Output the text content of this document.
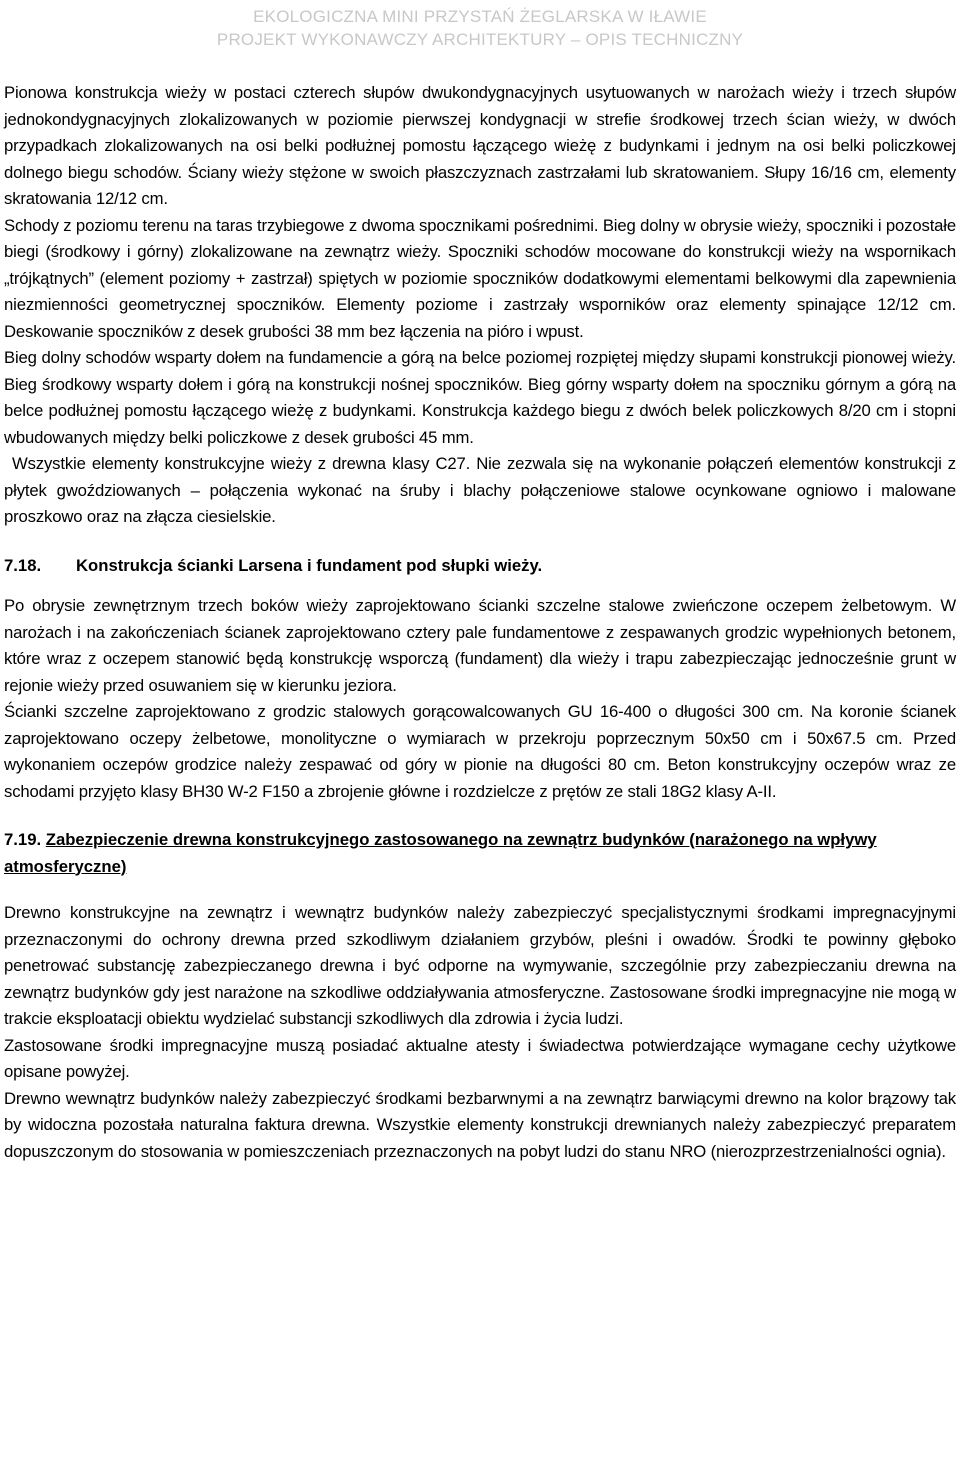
EKOLOGICZNA MINI PRZYSTAŃ ŻEGLARSKA W IŁAWIE
PROJEKT WYKONAWCZY ARCHITEKTURY – OPIS TECHNICZNY

Pionowa konstrukcja wieży w postaci czterech słupów dwukondygnacyjnych usytuowanych w narożach wieży i trzech słupów jednokondygnacyjnych zlokalizowanych w poziomie pierwszej kondygnacji w strefie środkowej trzech ścian wieży, w dwóch przypadkach zlokalizowanych na osi belki podłużnej pomostu łączącego wieżę z budynkami i jednym na osi belki policzkowej dolnego biegu schodów. Ściany wieży stężone w swoich płaszczyznach zastrzałami lub skratowaniem. Słupy 16/16 cm, elementy skratowania 12/12 cm.

Schody z poziomu terenu na taras trzybiegowe z dwoma spocznikami pośrednimi. Bieg dolny w obrysie wieży, spoczniki i pozostałe biegi (środkowy i górny) zlokalizowane na zewnątrz wieży. Spoczniki schodów mocowane do konstrukcji wieży na wspornikach „trójkątnych” (element poziomy + zastrzał) spiętych w poziomie spoczników dodatkowymi elementami belkowymi dla zapewnienia niezmienności geometrycznej spoczników. Elementy poziome i zastrzały wsporników oraz elementy spinające 12/12 cm. Deskowanie spoczników z desek grubości 38 mm bez łączenia na pióro i wpust.

Bieg dolny schodów wsparty dołem na fundamencie a górą na belce poziomej rozpiętej między słupami konstrukcji pionowej wieży. Bieg środkowy wsparty dołem i górą na konstrukcji nośnej spoczników. Bieg górny wsparty dołem na spoczniku górnym a górą na belce podłużnej pomostu łączącego wieżę z budynkami. Konstrukcja każdego biegu z dwóch belek policzkowych 8/20 cm i stopni wbudowanych między belki policzkowe z desek grubości 45 mm.

Wszystkie elementy konstrukcyjne wieży z drewna klasy C27. Nie zezwala się na wykonanie połączeń elementów konstrukcji z płytek gwoździowanych – połączenia wykonać na śruby i blachy połączeniowe stalowe ocynkowane ogniowo i malowane proszkowo oraz na złącza ciesielskie.

7.18. Konstrukcja ścianki Larsena i fundament pod słupki wieży.

Po obrysie zewnętrznym trzech boków wieży zaprojektowano ścianki szczelne stalowe zwieńczone oczepem żelbetowym. W narożach i na zakończeniach ścianek zaprojektowano cztery pale fundamentowe z zespawanych grodzic wypełnionych betonem, które wraz z oczepem stanowić będą konstrukcję wsporczą (fundament) dla wieży i trapu zabezpieczając jednocześnie grunt w rejonie wieży przed osuwaniem się w kierunku jeziora.

Ścianki szczelne zaprojektowano z grodzic stalowych gorącowalcowanych GU 16-400 o długości 300 cm. Na koronie ścianek zaprojektowano oczepy żelbetowe, monolityczne o wymiarach w przekroju poprzecznym 50x50 cm i 50x67.5 cm. Przed wykonaniem oczepów grodzice należy zespawać od góry w pionie na długości 80 cm. Beton konstrukcyjny oczepów wraz ze schodami przyjęto klasy BH30 W-2 F150 a zbrojenie główne i rozdzielcze z prętów ze stali 18G2 klasy A-II.

7.19. Zabezpieczenie drewna konstrukcyjnego zastosowanego na zewnątrz budynków (narażonego na wpływy atmosferyczne)

Drewno konstrukcyjne na zewnątrz i wewnątrz budynków należy zabezpieczyć specjalistycznymi środkami impregnacyjnymi przeznaczonymi do ochrony drewna przed szkodliwym działaniem grzybów, pleśni i owadów. Środki te powinny głęboko penetrować substancję zabezpieczanego drewna i być odporne na wymywanie, szczególnie przy zabezpieczaniu drewna na zewnątrz budynków gdy jest narażone na szkodliwe oddziaływania atmosferyczne. Zastosowane środki impregnacyjne nie mogą w trakcie eksploatacji obiektu wydzielać substancji szkodliwych dla zdrowia i życia ludzi.

Zastosowane środki impregnacyjne muszą posiadać aktualne atesty i świadectwa potwierdzające wymagane cechy użytkowe opisane powyżej.

Drewno wewnątrz budynków należy zabezpieczyć środkami bezbarwnymi a na zewnątrz barwiącymi drewno na kolor brązowy tak by widoczna pozostała naturalna faktura drewna. Wszystkie elementy konstrukcji drewnianych należy zabezpieczyć preparatem dopuszczonym do stosowania w pomieszczeniach przeznaczonych na pobyt ludzi do stanu NRO (nierozprzestrzenialności ognia).
